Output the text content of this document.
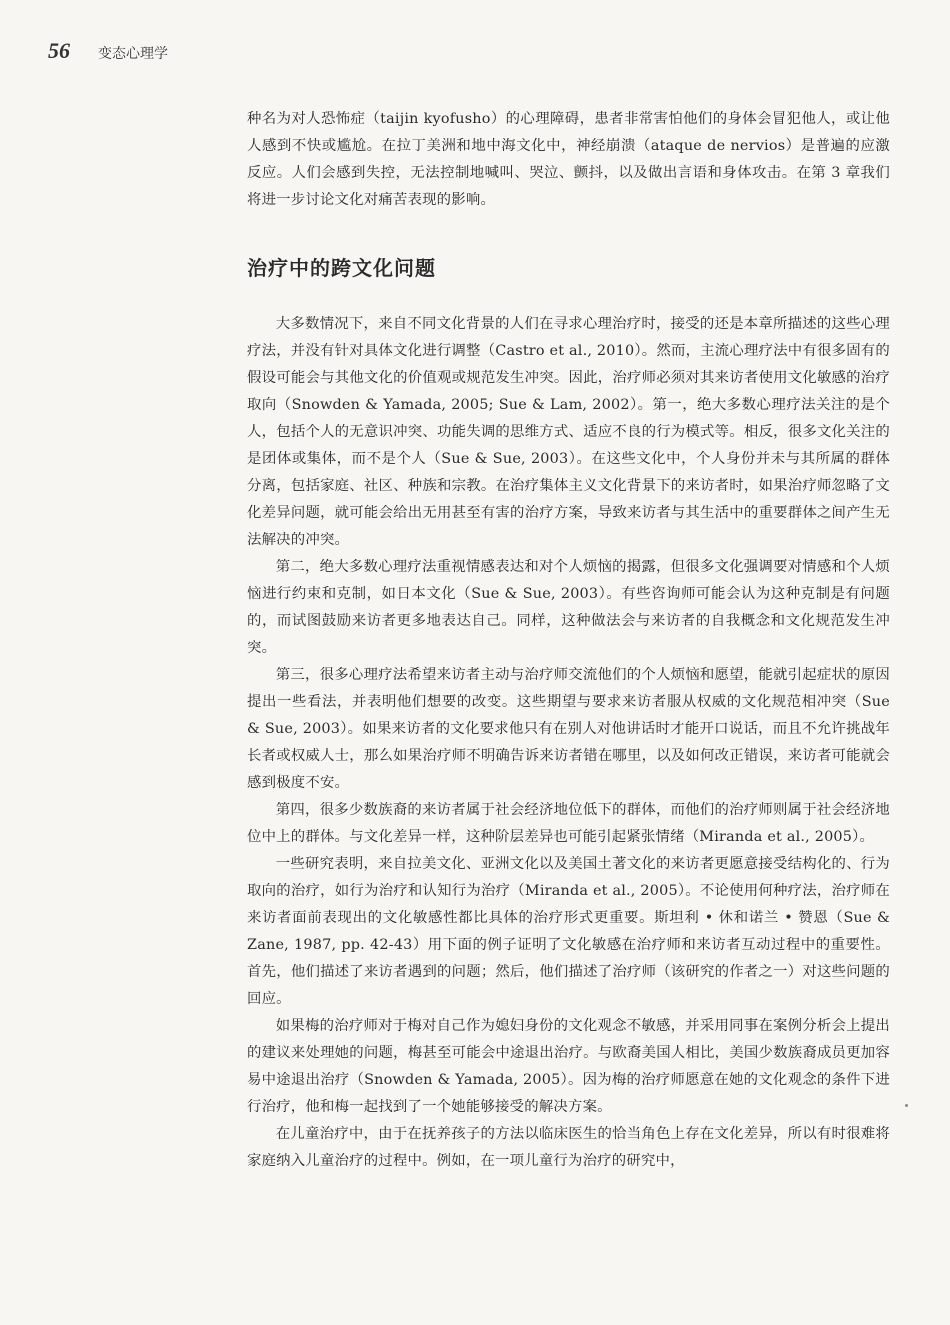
56 变态心理学

种名为对人恐怖症（taijin kyofusho）的心理障碍，患者非常害怕他们的身体会冒犯他人，或让他人感到不快或尴尬。在拉丁美洲和地中海文化中，神经崩溃（ataque de nervios）是普遍的应激反应。人们会感到失控，无法控制地喊叫、哭泣、颤抖，以及做出言语和身体攻击。在第 3 章我们将进一步讨论文化对痛苦表现的影响。

治疗中的跨文化问题

大多数情况下，来自不同文化背景的人们在寻求心理治疗时，接受的还是本章所描述的这些心理疗法，并没有针对具体文化进行调整（Castro et al., 2010）。然而，主流心理疗法中有很多固有的假设可能会与其他文化的价值观或规范发生冲突。因此，治疗师必须对其来访者使用文化敏感的治疗取向（Snowden & Yamada, 2005; Sue & Lam, 2002）。第一，绝大多数心理疗法关注的是个人，包括个人的无意识冲突、功能失调的思维方式、适应不良的行为模式等。相反，很多文化关注的是团体或集体，而不是个人（Sue & Sue, 2003）。在这些文化中，个人身份并未与其所属的群体分离，包括家庭、社区、种族和宗教。在治疗集体主义文化背景下的来访者时，如果治疗师忽略了文化差异问题，就可能会给出无用甚至有害的治疗方案，导致来访者与其生活中的重要群体之间产生无法解决的冲突。

第二，绝大多数心理疗法重视情感表达和对个人烦恼的揭露，但很多文化强调要对情感和个人烦恼进行约束和克制，如日本文化（Sue & Sue, 2003）。有些咨询师可能会认为这种克制是有问题的，而试图鼓励来访者更多地表达自己。同样，这种做法会与来访者的自我概念和文化规范发生冲突。

第三，很多心理疗法希望来访者主动与治疗师交流他们的个人烦恼和愿望，能就引起症状的原因提出一些看法，并表明他们想要的改变。这些期望与要求来访者服从权威的文化规范相冲突（Sue & Sue, 2003）。如果来访者的文化要求他只有在别人对他讲话时才能开口说话，而且不允许挑战年长者或权威人士，那么如果治疗师不明确告诉来访者错在哪里，以及如何改正错误，来访者可能就会感到极度不安。

第四，很多少数族裔的来访者属于社会经济地位低下的群体，而他们的治疗师则属于社会经济地位中上的群体。与文化差异一样，这种阶层差异也可能引起紧张情绪（Miranda et al., 2005）。

一些研究表明，来自拉美文化、亚洲文化以及美国土著文化的来访者更愿意接受结构化的、行为取向的治疗，如行为治疗和认知行为治疗（Miranda et al., 2005）。不论使用何种疗法，治疗师在来访者面前表现出的文化敏感性都比具体的治疗形式更重要。斯坦利 • 休和诺兰 • 赞恩（Sue & Zane, 1987, pp. 42-43）用下面的例子证明了文化敏感在治疗师和来访者互动过程中的重要性。首先，他们描述了来访者遇到的问题；然后，他们描述了治疗师（该研究的作者之一）对这些问题的回应。

如果梅的治疗师对于梅对自己作为媳妇身份的文化观念不敏感，并采用同事在案例分析会上提出的建议来处理她的问题，梅甚至可能会中途退出治疗。与欧裔美国人相比，美国少数族裔成员更加容易中途退出治疗（Snowden & Yamada, 2005）。因为梅的治疗师愿意在她的文化观念的条件下进行治疗，他和梅一起找到了一个她能够接受的解决方案。

在儿童治疗中，由于在抚养孩子的方法以临床医生的恰当角色上存在文化差异，所以有时很难将家庭纳入儿童治疗的过程中。例如，在一项儿童行为治疗的研究中，
